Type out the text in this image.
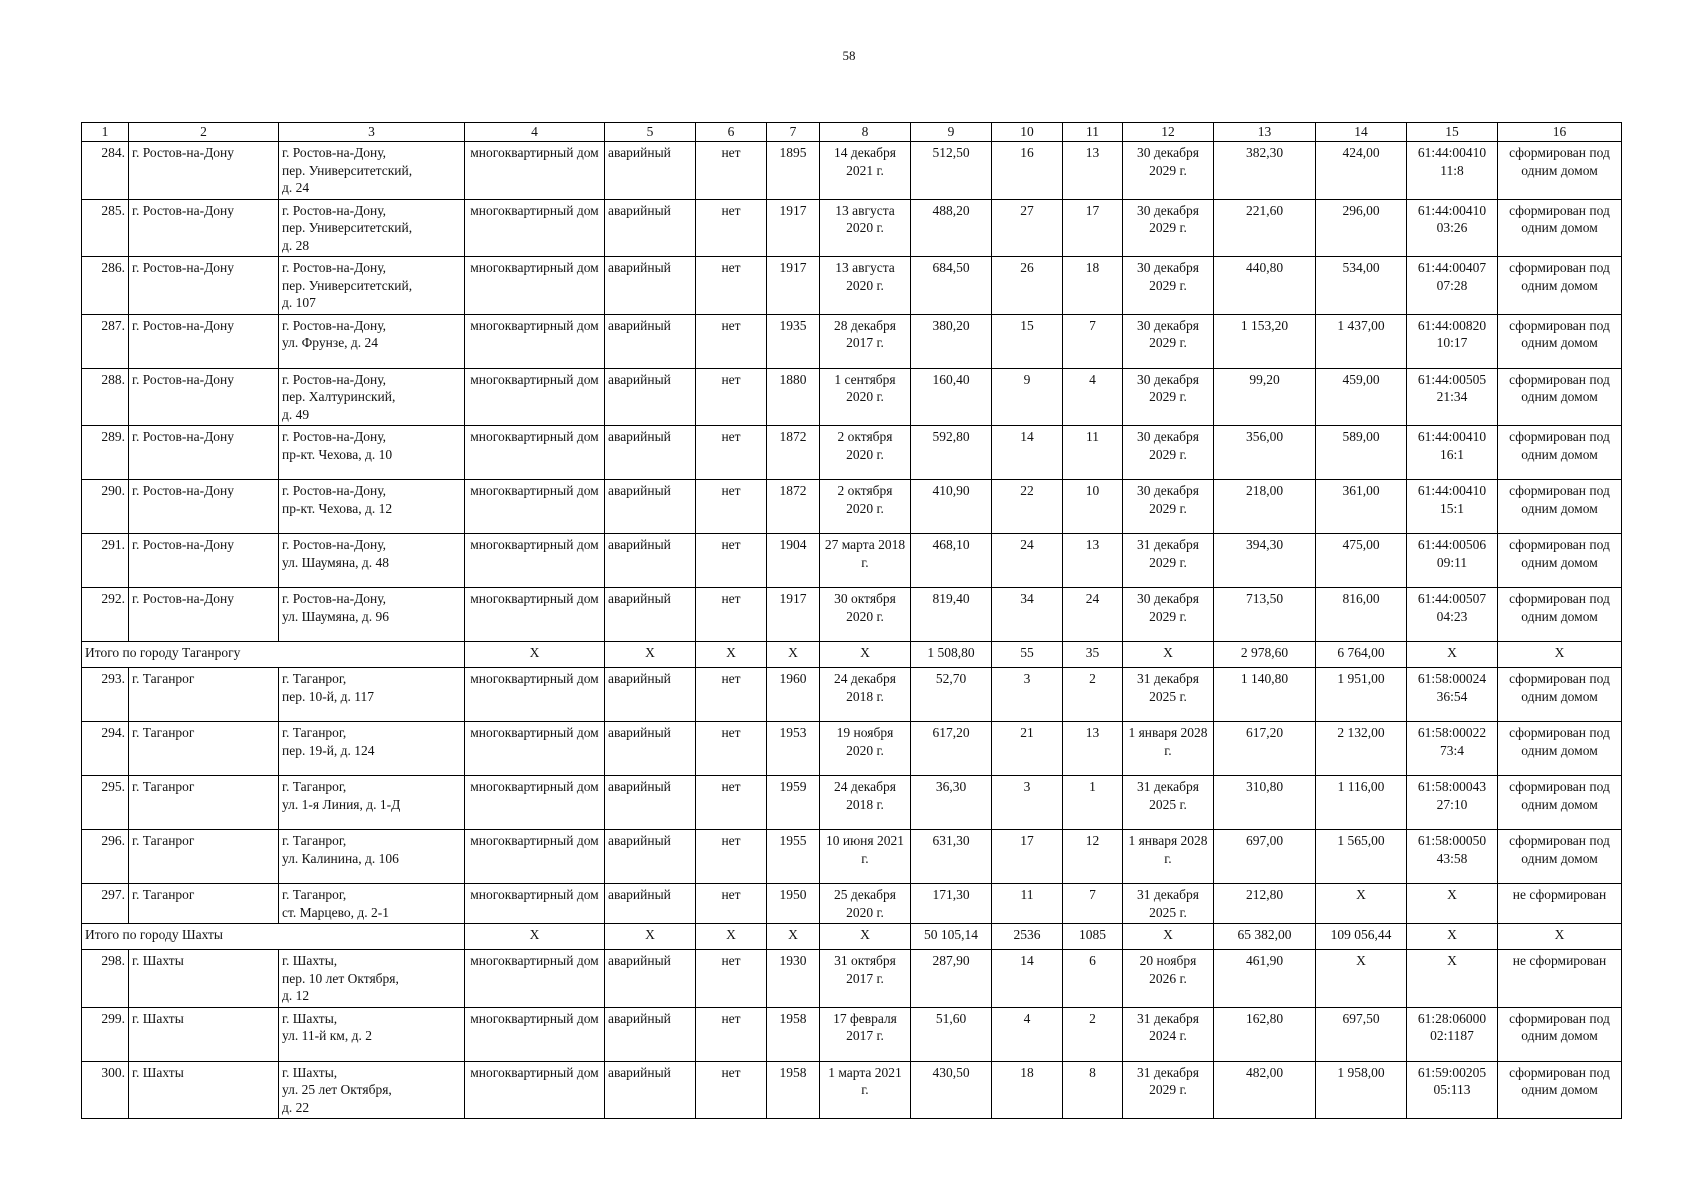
58
1	2	3	4	5	6	7	8	9	10	11	12	13	14	15	16
284.	г. Ростов-на-Дону	г. Ростов-на-Дону,
пер. Университетский,
д. 24	многоквартирный дом	аварийный	нет	1895	14 декабря 2021 г.	512,50	16	13	30 декабря 2029 г.	382,30	424,00	61:44:00410
11:8	сформирован под одним домом
285.	г. Ростов-на-Дону	г. Ростов-на-Дону,
пер. Университетский,
д. 28	многоквартирный дом	аварийный	нет	1917	13 августа 2020 г.	488,20	27	17	30 декабря 2029 г.	221,60	296,00	61:44:00410
03:26	сформирован под одним домом
286.	г. Ростов-на-Дону	г. Ростов-на-Дону,
пер. Университетский,
д. 107	многоквартирный дом	аварийный	нет	1917	13 августа 2020 г.	684,50	26	18	30 декабря 2029 г.	440,80	534,00	61:44:00407
07:28	сформирован под одним домом
287.	г. Ростов-на-Дону	г. Ростов-на-Дону,
ул. Фрунзе, д. 24	многоквартирный дом	аварийный	нет	1935	28 декабря 2017 г.	380,20	15	7	30 декабря 2029 г.	1 153,20	1 437,00	61:44:00820
10:17	сформирован под одним домом
288.	г. Ростов-на-Дону	г. Ростов-на-Дону,
пер. Халтуринский,
д. 49	многоквартирный дом	аварийный	нет	1880	1 сентября 2020 г.	160,40	9	4	30 декабря 2029 г.	99,20	459,00	61:44:00505
21:34	сформирован под одним домом
289.	г. Ростов-на-Дону	г. Ростов-на-Дону,
пр-кт. Чехова, д. 10	многоквартирный дом	аварийный	нет	1872	2 октября 2020 г.	592,80	14	11	30 декабря 2029 г.	356,00	589,00	61:44:00410
16:1	сформирован под одним домом
290.	г. Ростов-на-Дону	г. Ростов-на-Дону,
пр-кт. Чехова, д. 12	многоквартирный дом	аварийный	нет	1872	2 октября 2020 г.	410,90	22	10	30 декабря 2029 г.	218,00	361,00	61:44:00410
15:1	сформирован под одним домом
291.	г. Ростов-на-Дону	г. Ростов-на-Дону,
ул. Шаумяна, д. 48	многоквартирный дом	аварийный	нет	1904	27 марта 2018 г.	468,10	24	13	31 декабря 2029 г.	394,30	475,00	61:44:00506
09:11	сформирован под одним домом
292.	г. Ростов-на-Дону	г. Ростов-на-Дону,
ул. Шаумяна, д. 96	многоквартирный дом	аварийный	нет	1917	30 октября 2020 г.	819,40	34	24	30 декабря 2029 г.	713,50	816,00	61:44:00507
04:23	сформирован под одним домом
Итого по городу Таганрогу			X	X	X	X	X	1 508,80	55	35	X	2 978,60	6 764,00	X	X
293.	г. Таганрог	г. Таганрог,
пер. 10-й, д. 117	многоквартирный дом	аварийный	нет	1960	24 декабря 2018 г.	52,70	3	2	31 декабря 2025 г.	1 140,80	1 951,00	61:58:00024
36:54	сформирован под одним домом
294.	г. Таганрог	г. Таганрог,
пер. 19-й, д. 124	многоквартирный дом	аварийный	нет	1953	19 ноября 2020 г.	617,20	21	13	1 января 2028 г.	617,20	2 132,00	61:58:00022
73:4	сформирован под одним домом
295.	г. Таганрог	г. Таганрог,
ул. 1-я Линия, д. 1-Д	многоквартирный дом	аварийный	нет	1959	24 декабря 2018 г.	36,30	3	1	31 декабря 2025 г.	310,80	1 116,00	61:58:00043
27:10	сформирован под одним домом
296.	г. Таганрог	г. Таганрог,
ул. Калинина, д. 106	многоквартирный дом	аварийный	нет	1955	10 июня 2021 г.	631,30	17	12	1 января 2028 г.	697,00	1 565,00	61:58:00050
43:58	сформирован под одним домом
297.	г. Таганрог	г. Таганрог,
ст. Марцево, д. 2-1	многоквартирный дом	аварийный	нет	1950	25 декабря 2020 г.	171,30	11	7	31 декабря 2025 г.	212,80	X	X	не сформирован
Итого по городу Шахты			X	X	X	X	X	50 105,14	2536	1085	X	65 382,00	109 056,44	X	X
298.	г. Шахты	г. Шахты,
пер. 10 лет Октября,
д. 12	многоквартирный дом	аварийный	нет	1930	31 октября 2017 г.	287,90	14	6	20 ноября 2026 г.	461,90	X	X	не сформирован
299.	г. Шахты	г. Шахты,
ул. 11-й км, д. 2	многоквартирный дом	аварийный	нет	1958	17 февраля 2017 г.	51,60	4	2	31 декабря 2024 г.	162,80	697,50	61:28:06000
02:1187	сформирован под одним домом
300.	г. Шахты	г. Шахты,
ул. 25 лет Октября,
д. 22	многоквартирный дом	аварийный	нет	1958	1 марта 2021 г.	430,50	18	8	31 декабря 2029 г.	482,00	1 958,00	61:59:00205
05:113	сформирован под одним домом
